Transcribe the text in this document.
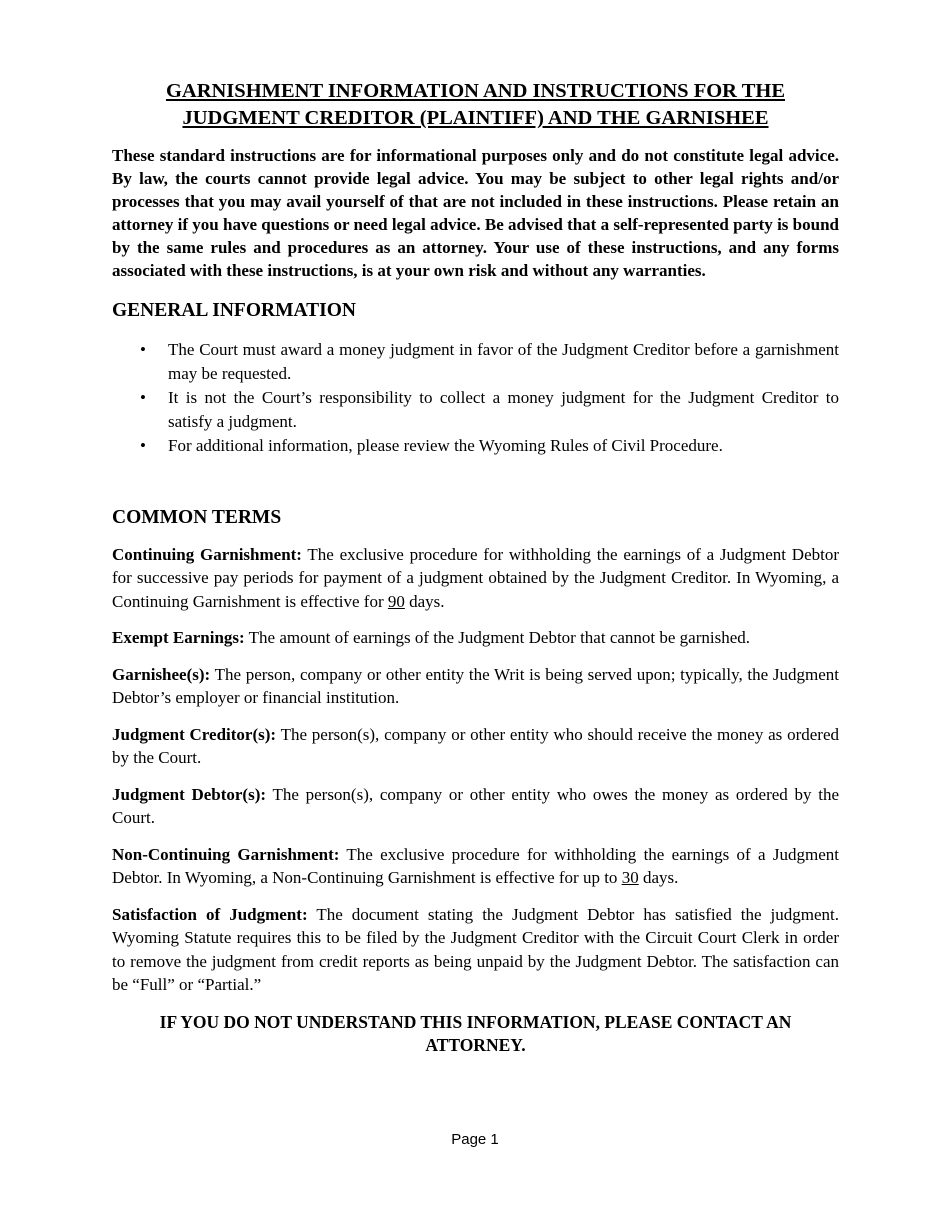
GARNISHMENT INFORMATION AND INSTRUCTIONS FOR THE
JUDGMENT CREDITOR (PLAINTIFF) AND THE GARNISHEE

These standard instructions are for informational purposes only and do not constitute legal advice. By law, the courts cannot provide legal advice. You may be subject to other legal rights and/or processes that you may avail yourself of that are not included in these instructions. Please retain an attorney if you have questions or need legal advice. Be advised that a self-represented party is bound by the same rules and procedures as an attorney. Your use of these instructions, and any forms associated with these instructions, is at your own risk and without any warranties.

GENERAL INFORMATION
• The Court must award a money judgment in favor of the Judgment Creditor before a garnishment may be requested.
• It is not the Court’s responsibility to collect a money judgment for the Judgment Creditor to satisfy a judgment.
• For additional information, please review the Wyoming Rules of Civil Procedure.
COMMON TERMS

Continuing Garnishment: The exclusive procedure for withholding the earnings of a Judgment Debtor for successive pay periods for payment of a judgment obtained by the Judgment Creditor. In Wyoming, a Continuing Garnishment is effective for 90 days.

Exempt Earnings: The amount of earnings of the Judgment Debtor that cannot be garnished.

Garnishee(s): The person, company or other entity the Writ is being served upon; typically, the Judgment Debtor’s employer or financial institution.

Judgment Creditor(s): The person(s), company or other entity who should receive the money as ordered by the Court.

Judgment Debtor(s): The person(s), company or other entity who owes the money as ordered by the Court.

Non-Continuing Garnishment: The exclusive procedure for withholding the earnings of a Judgment Debtor. In Wyoming, a Non-Continuing Garnishment is effective for up to 30 days.

Satisfaction of Judgment: The document stating the Judgment Debtor has satisfied the judgment. Wyoming Statute requires this to be filed by the Judgment Creditor with the Circuit Court Clerk in order to remove the judgment from credit reports as being unpaid by the Judgment Debtor. The satisfaction can be “Full” or “Partial.”

IF YOU DO NOT UNDERSTAND THIS INFORMATION, PLEASE CONTACT AN
ATTORNEY.

Page 1
